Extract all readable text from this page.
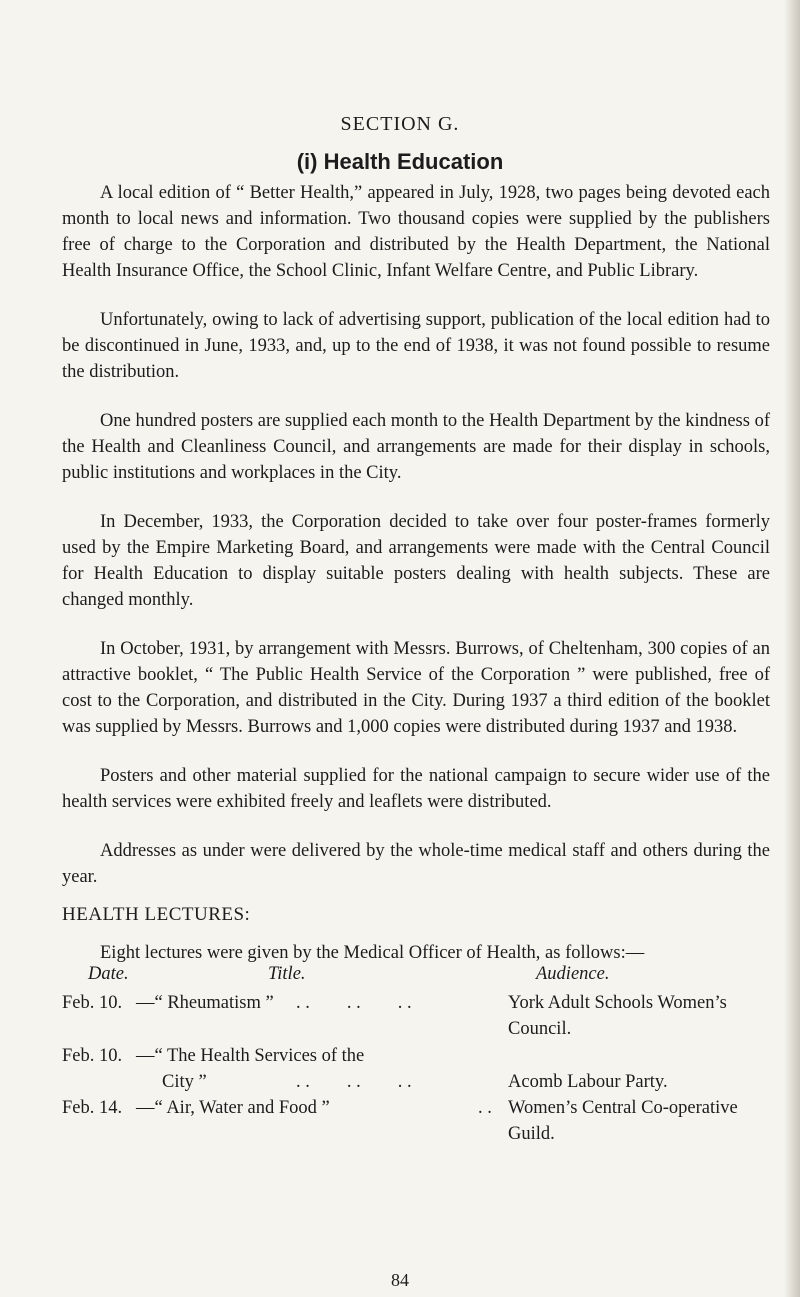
SECTION G.
(i) Health Education

A local edition of “ Better Health,” appeared in July, 1928, two pages being devoted each month to local news and information. Two thousand copies were supplied by the publishers free of charge to the Corporation and distributed by the Health Department, the National Health Insurance Office, the School Clinic, Infant Welfare Centre, and Public Library.

Unfortunately, owing to lack of advertising support, publication of the local edition had to be discontinued in June, 1933, and, up to the end of 1938, it was not found possible to resume the distribution.

One hundred posters are supplied each month to the Health Department by the kindness of the Health and Cleanliness Council, and arrangements are made for their display in schools, public institutions and workplaces in the City.

In December, 1933, the Corporation decided to take over four poster-frames formerly used by the Empire Marketing Board, and arrangements were made with the Central Council for Health Education to display suitable posters dealing with health subjects. These are changed monthly.

In October, 1931, by arrangement with Messrs. Burrows, of Cheltenham, 300 copies of an attractive booklet, “ The Public Health Service of the Corporation ” were published, free of cost to the Corporation, and distributed in the City. During 1937 a third edition of the booklet was supplied by Messrs. Burrows and 1,000 copies were distributed during 1937 and 1938.

Posters and other material supplied for the national campaign to secure wider use of the health services were exhibited freely and leaflets were distributed.

Addresses as under were delivered by the whole-time medical staff and others during the year.

HEALTH LECTURES:
Eight lectures were given by the Medical Officer of Health, as follows:—
Date.	Title.	Audience.
Feb. 10. —“ Rheumatism ” . .        . .        . .	York Adult Schools Women’s Council.
Feb. 10. —“ The Health Services of the
City ”	. .        . .        . .	Acomb Labour Party.
Feb. 14. —“ Air, Water and Food ”	. . Women’s Central Co-operative Guild.
84
